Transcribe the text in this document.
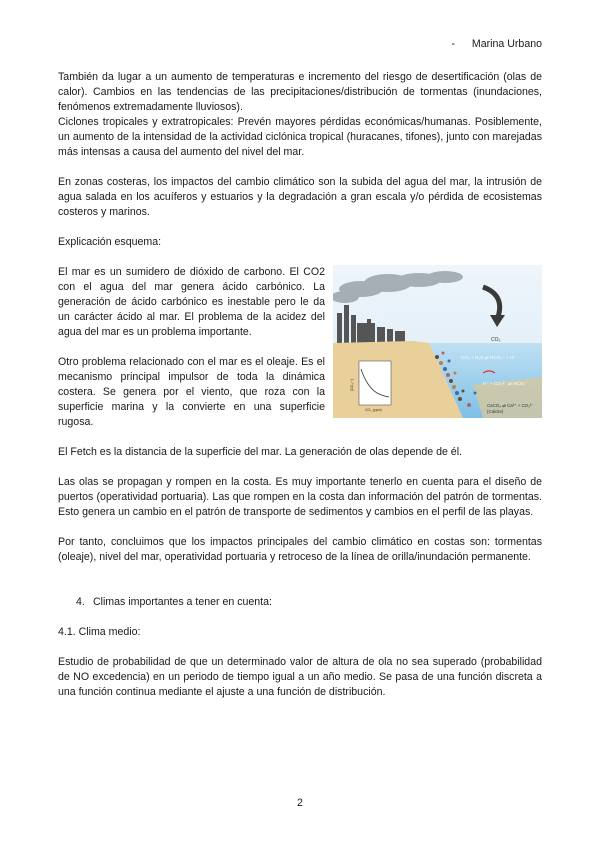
- Marina Urbano

También da lugar a un aumento de temperaturas e incremento del riesgo de desertificación (olas de calor). Cambios en las tendencias de las precipitaciones/distribución de tormentas (inundaciones, fenómenos extremadamente lluviosos).

Ciclones tropicales y extratropicales: Prevén mayores pérdidas económicas/humanas. Posiblemente, un aumento de la intensidad de la actividad ciclónica tropical (huracanes, tifones), junto con marejadas más intensas a causa del aumento del nivel del mar.

En zonas costeras, los impactos del cambio climático son la subida del agua del mar, la intrusión de agua salada en los acuíferos y estuarios y la degradación a gran escala y/o pérdida de ecosistemas costeros y marinos.

Explicación esquema:

El mar es un sumidero de dióxido de carbono. El CO2 con el agua del mar genera ácido carbónico. La generación de ácido carbónico es inestable pero le da un carácter ácido al mar. El problema de la acidez del agua del mar es un problema importante.

Otro problema relacionado con el mar es el oleaje. Es el mecanismo principal impulsor de toda la dinámica costera. Se genera por el viento, que roza con la superficie marina y la convierte en una superficie rugosa.

CO₂
CO₂ + H₂O ⇌ HCO₃⁻ + H⁺
H⁺ + CO₃²⁻ ⇌ HCO₃⁻
CaCO₃ ⇌ Ca²⁺ + CO₃²⁻
(Calcite)
[CO₃²⁻]
CO₂ (ppm)

El Fetch es la distancia de la superficie del mar. La generación de olas depende de él.

Las olas se propagan y rompen en la costa. Es muy importante tenerlo en cuenta para el diseño de puertos (operatividad portuaria). Las que rompen en la costa dan información del patrón de tormentas. Esto genera un cambio en el patrón de transporte de sedimentos y cambios en el perfil de las playas.

Por tanto, concluimos que los impactos principales del cambio climático en costas son: tormentas (oleaje), nivel del mar, operatividad portuaria y retroceso de la línea de orilla/inundación permanente.

4. Climas importantes a tener en cuenta:

4.1. Clima medio:

Estudio de probabilidad de que un determinado valor de altura de ola no sea superado (probabilidad de NO excedencia) en un periodo de tiempo igual a un año medio. Se pasa de una función discreta a una función continua mediante el ajuste a una función de distribución.

2
